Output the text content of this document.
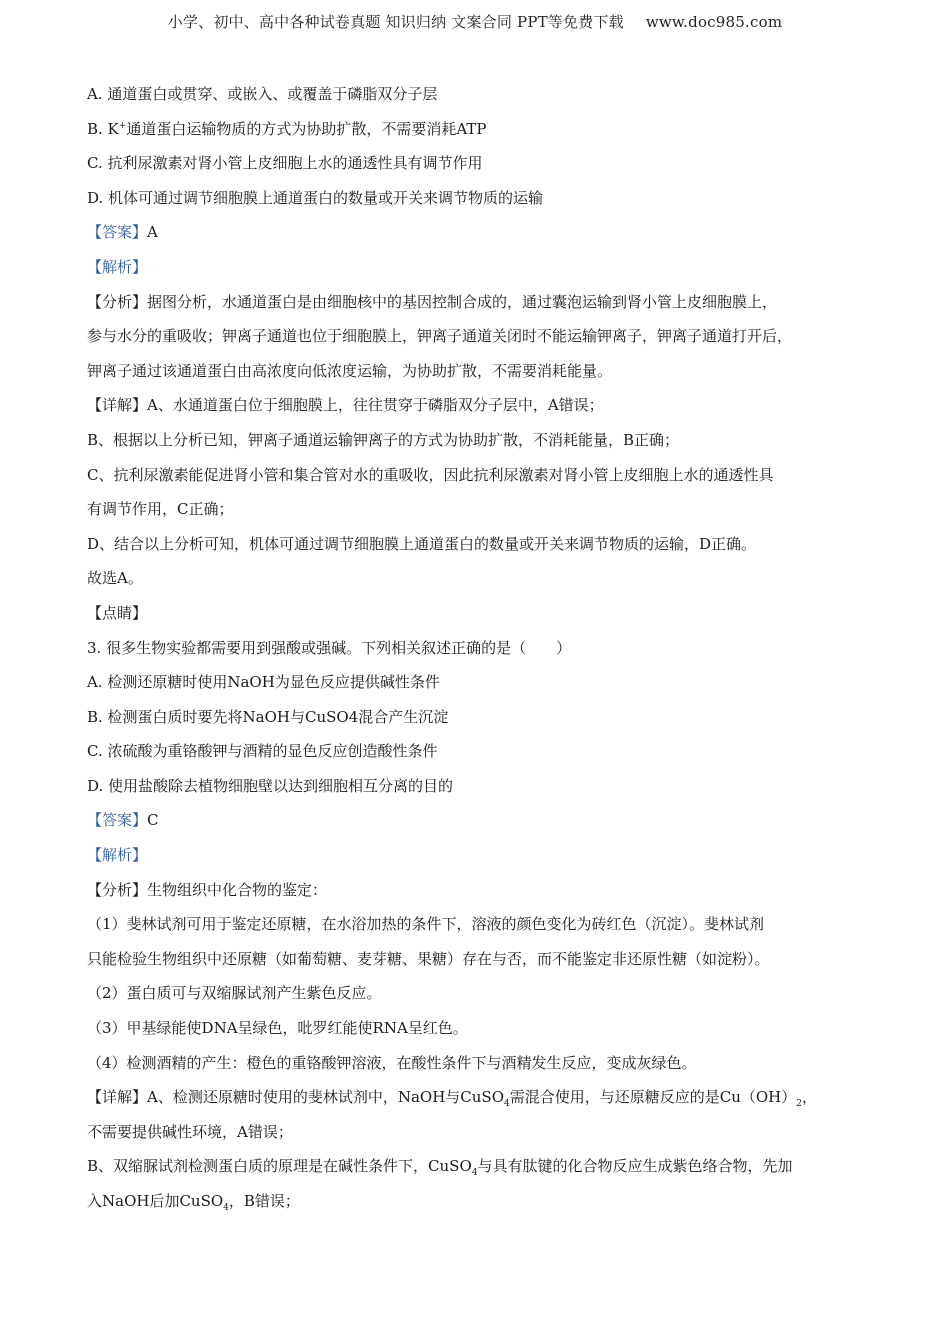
小学、初中、高中各种试卷真题 知识归纳 文案合同 PPT等免费下载 www.doc985.com
A. 通道蛋白或贯穿、或嵌入、或覆盖于磷脂双分子层
B. K+通道蛋白运输物质的方式为协助扩散，不需要消耗ATP
C. 抗利尿激素对肾小管上皮细胞上水的通透性具有调节作用
D. 机体可通过调节细胞膜上通道蛋白的数量或开关来调节物质的运输
【答案】A
【解析】
【分析】据图分析，水通道蛋白是由细胞核中的基因控制合成的，通过囊泡运输到肾小管上皮细胞膜上，
参与水分的重吸收；钾离子通道也位于细胞膜上，钾离子通道关闭时不能运输钾离子，钾离子通道打开后，
钾离子通过该通道蛋白由高浓度向低浓度运输，为协助扩散，不需要消耗能量。
【详解】A、水通道蛋白位于细胞膜上，往往贯穿于磷脂双分子层中，A错误；
B、根据以上分析已知，钾离子通道运输钾离子的方式为协助扩散，不消耗能量，B正确；
C、抗利尿激素能促进肾小管和集合管对水的重吸收，因此抗利尿激素对肾小管上皮细胞上水的通透性具
有调节作用，C正确；
D、结合以上分析可知，机体可通过调节细胞膜上通道蛋白的数量或开关来调节物质的运输，D正确。
故选A。
【点睛】
3. 很多生物实验都需要用到强酸或强碱。下列相关叙述正确的是（　　）
A. 检测还原糖时使用NaOH为显色反应提供碱性条件
B. 检测蛋白质时要先将NaOH与CuSO4混合产生沉淀
C. 浓硫酸为重铬酸钾与酒精的显色反应创造酸性条件
D. 使用盐酸除去植物细胞壁以达到细胞相互分离的目的
【答案】C
【解析】
【分析】生物组织中化合物的鉴定：
（1）斐林试剂可用于鉴定还原糖，在水浴加热的条件下，溶液的颜色变化为砖红色（沉淀）。斐林试剂
只能检验生物组织中还原糖（如葡萄糖、麦芽糖、果糖）存在与否，而不能鉴定非还原性糖（如淀粉）。
（2）蛋白质可与双缩脲试剂产生紫色反应。
（3）甲基绿能使DNA呈绿色，吡罗红能使RNA呈红色。
（4）检测酒精的产生：橙色的重铬酸钾溶液，在酸性条件下与酒精发生反应，变成灰绿色。
【详解】A、检测还原糖时使用的斐林试剂中，NaOH与CuSO$_4$需混合使用，与还原糖反应的是$Cu(OH)_2$，
不需要提供碱性环境，A错误；
B、双缩脲试剂检测蛋白质的原理是在碱性条件下，CuSO$_4$与具有肽键的化合物反应生成紫色络合物，先加
入NaOH后加CuSO$_4$，B错误；
